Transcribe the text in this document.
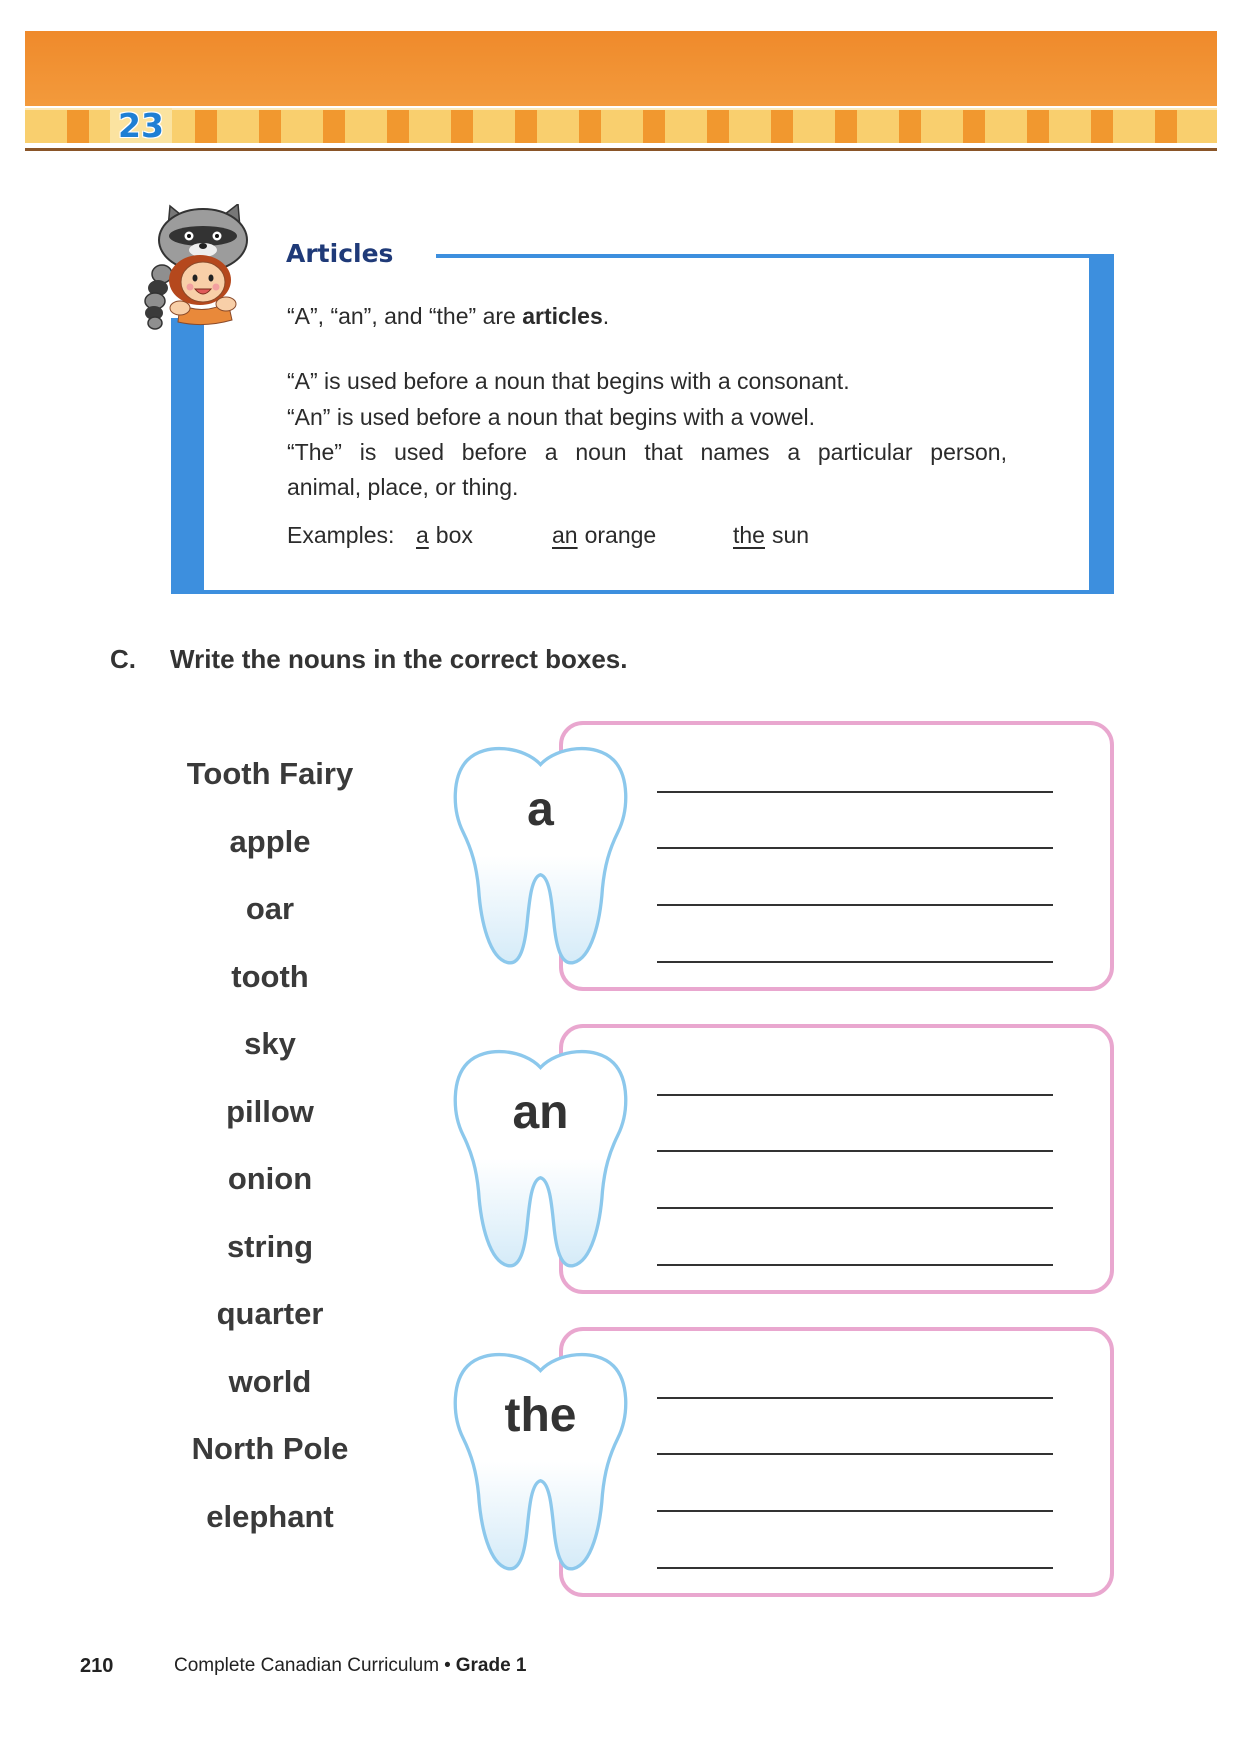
23
Articles
“A”, “an”, and “the” are articles.
“A” is used before a noun that begins with a consonant.
“An” is used before a noun that begins with a vowel.
“The” is used before a noun that names a particular person,
animal, place, or thing.
Examples: a box	an orange	the sun
C. Write the nouns in the correct boxes.
Tooth Fairy
apple
oar
tooth
sky
pillow
onion
string
quarter
world
North Pole
elephant
a
an
the
210	Complete Canadian Curriculum • Grade 1
